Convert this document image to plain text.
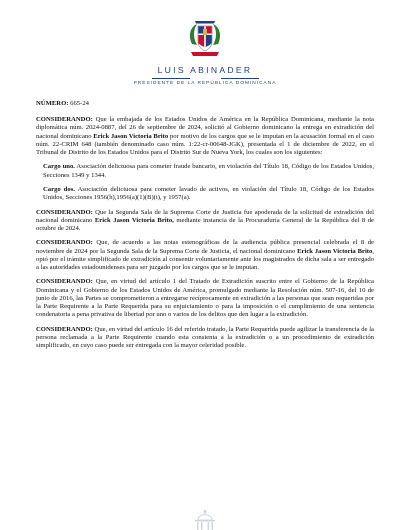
LUIS ABINADER
PRESIDENTE DE LA REPÚBLICA DOMINICANA

NÚMERO: 665-24

CONSIDERANDO: Que la embajada de los Estados Unidos de América en la República Dominicana, mediante la nota diplomática núm. 2024-0887, del 26 de septiembre de 2024, solicitó al Gobierno dominicano la entrega en extradición del nacional dominicano Erick Jason Victoria Brito por motivo de los cargos que se le imputan en la acusación formal en el caso núm. 22-CRIM 648 (también denominado caso núm. 1:22-cr-00648-JGK), presentada el 1 de diciembre de 2022, en el Tribunal de Distrito de los Estados Unidos para el Distrito Sur de Nueva York, los cuales son los siguientes:

Cargo uno. Asociación delictuosa para cometer fraude bancario, en violación del Título 18, Código de los Estados Unidos, Secciones 1349 y 1344.

Cargo dos. Asociación delictuosa para cometer lavado de activos, en violación del Título 18, Código de los Estados Unidos, Secciones 1956(h),1956(a)(1)(B)(i), y 1957(a).

CONSIDERANDO: Que la Segunda Sala de la Suprema Corte de Justicia fue apoderada de la solicitud de extradición del nacional dominicano Erick Jason Victoria Brito, mediante instancia de la Procuraduría General de la República del 8 de octubre de 2024.

CONSIDERANDO: Que, de acuerdo a las notas estenográficas de la audiencia pública presencial celebrada el 8 de noviembre de 2024 por la Segunda Sala de la Suprema Corte de Justicia, el nacional dominicano Erick Jason Victoria Brito, optó por el trámite simplificado de extradición al consentir voluntariamente ante los magistrados de dicha sala a ser entregado a las autoridades estadounidenses para ser juzgado por los cargos que se le imputan.

CONSIDERANDO: Que, en virtud del artículo 1 del Tratado de Extradición suscrito entre el Gobierno de la República Dominicana y el Gobierno de los Estados Unidos de América, promulgado mediante la Resolución núm. 507-16, del 10 de junio de 2016, las Partes se comprometieron a entregarse recíprocamente en extradición a las personas que sean requeridas por la Parte Requirente a la Parte Requerida para su enjuiciamiento o para la imposición o el cumplimiento de una sentencia condenatoria a pena privativa de libertad por uno o varios de los delitos que den lugar a la extradición.

CONSIDERANDO: Que, en virtud del artículo 16 del referido tratado, la Parte Requerida puede agilizar la transferencia de la persona reclamada a la Parte Requirente cuando esta consienta a la extradición o a un procedimiento de extradición simplificado, en cuyo caso puede ser entregada con la mayor celeridad posible.
